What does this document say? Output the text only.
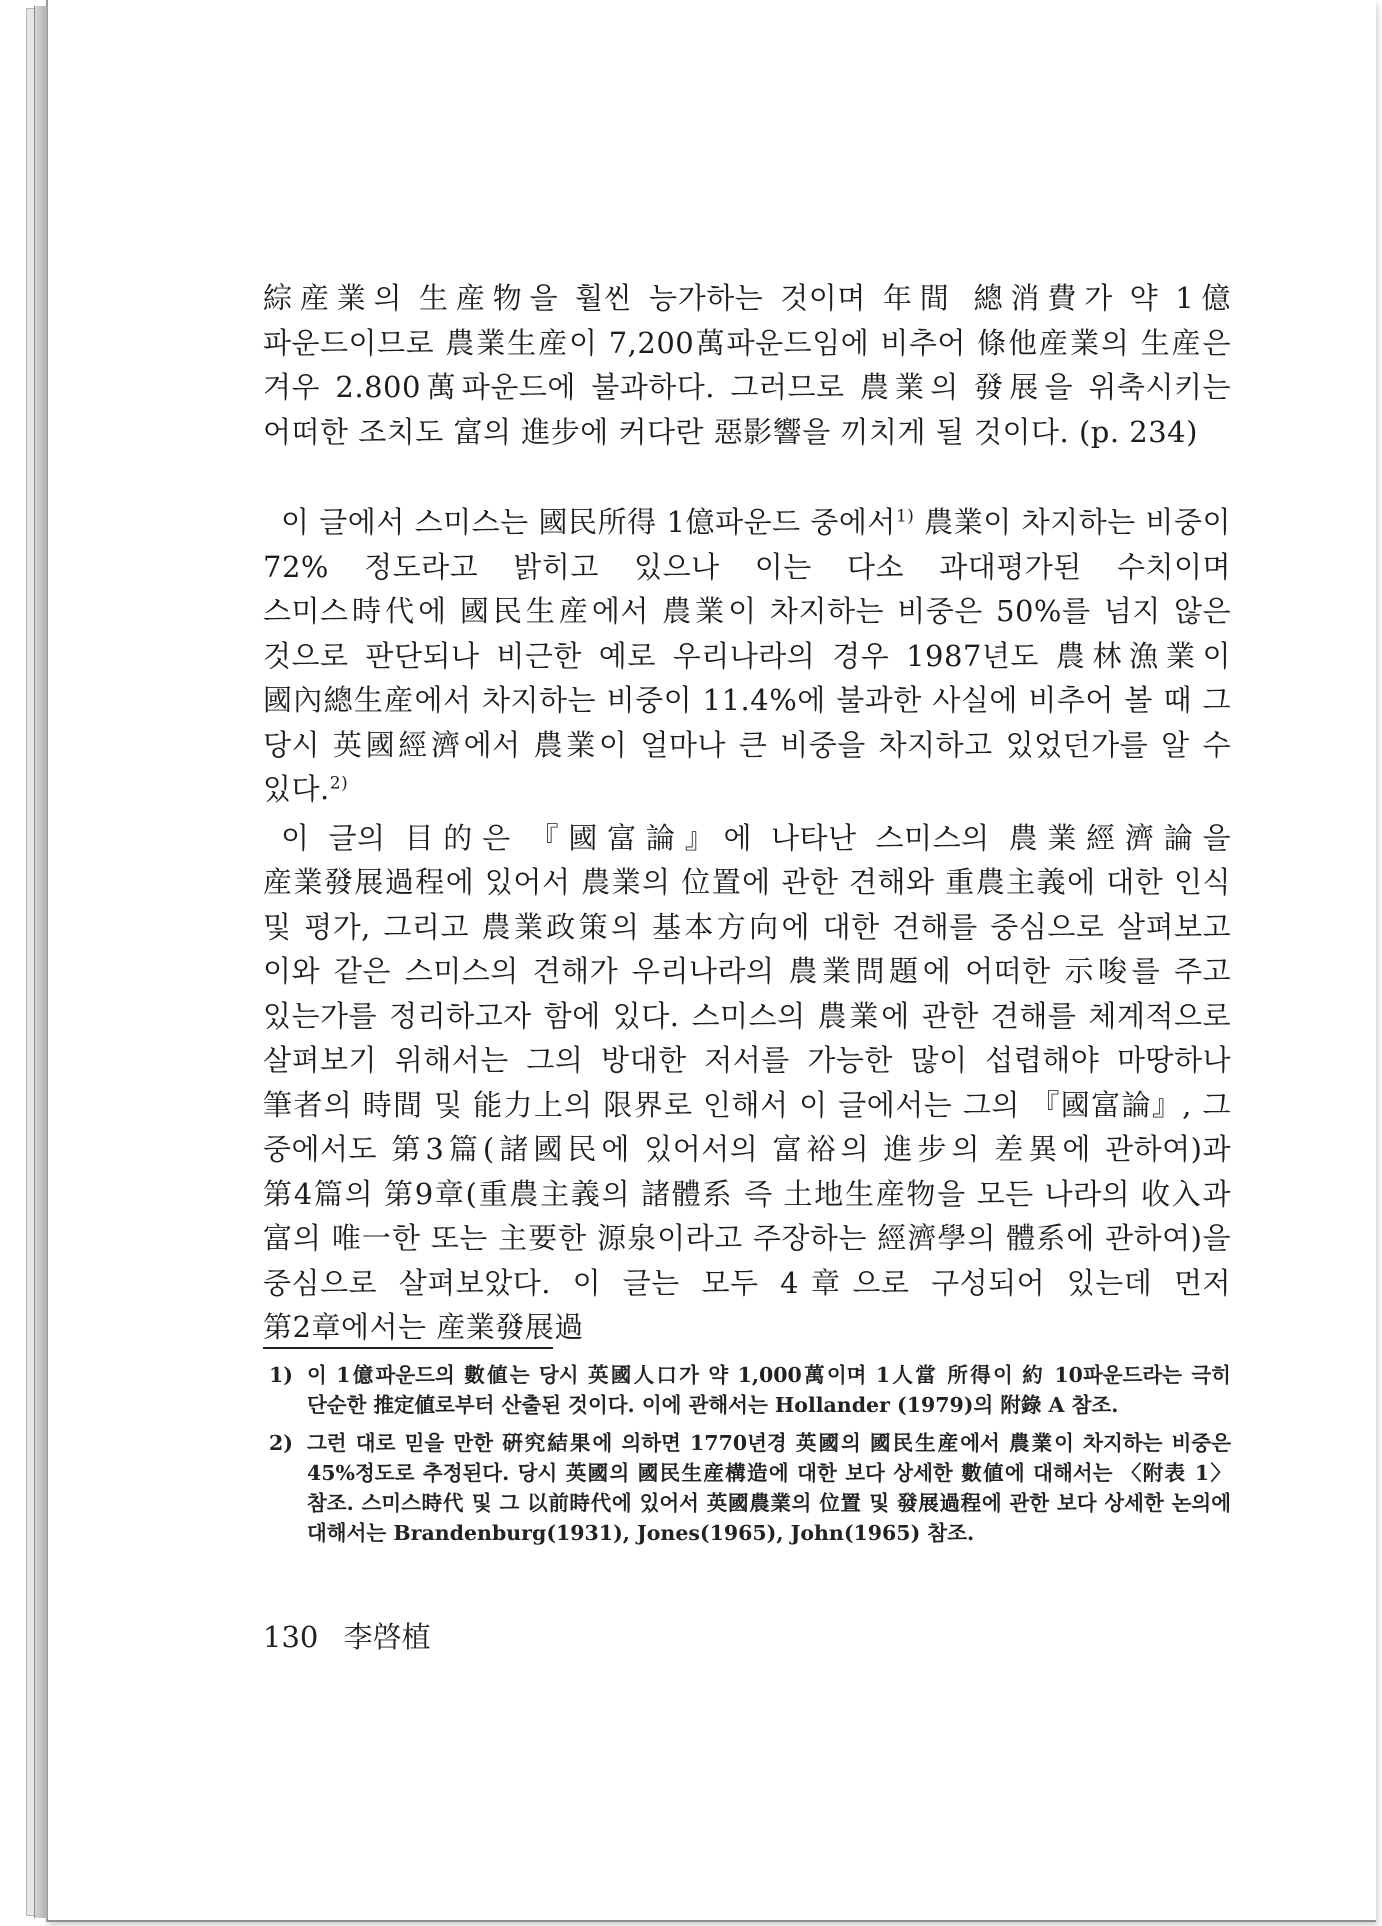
綜産業의 生産物을 훨씬 능가하는 것이며 年間 總消費가 약 1億 파운드이므로 農業生産이 7,200萬파운드임에 비추어 條他産業의 生産은 겨우 2.800萬파운드에 불과하다. 그러므로 農業의 發展을 위축시키는 어떠한 조치도 富의 進步에 커다란 惡影響을 끼치게 될 것이다. (p. 234)

이 글에서 스미스는 國民所得 1億파운드 중에서$^{1)}$ 農業이 차지하는 비중이 72% 정도라고 밝히고 있으나 이는 다소 과대평가된 수치이며 스미스時代에 國民生産에서 農業이 차지하는 비중은 50%를 넘지 않은 것으로 판단되나 비근한 예로 우리나라의 경우 1987년도 農林漁業이 國內總生産에서 차지하는 비중이 11.4%에 불과한 사실에 비추어 볼 때 그 당시 英國經濟에서 農業이 얼마나 큰 비중을 차지하고 있었던가를 알 수 있다.$^{2)}$

이 글의 目的은 『國富論』에 나타난 스미스의 農業經濟論을 産業發展過程에 있어서 農業의 位置에 관한 견해와 重農主義에 대한 인식 및 평가, 그리고 農業政策의 基本方向에 대한 견해를 중심으로 살펴보고 이와 같은 스미스의 견해가 우리나라의 農業問題에 어떠한 示唆를 주고 있는가를 정리하고자 함에 있다. 스미스의 農業에 관한 견해를 체계적으로 살펴보기 위해서는 그의 방대한 저서를 가능한 많이 섭렵해야 마땅하나 筆者의 時間 및 能力上의 限界로 인해서 이 글에서는 그의 『國富論』, 그 중에서도 第3篇(諸國民에 있어서의 富裕의 進步의 差異에 관하여)과 第4篇의 第9章(重農主義의 諸體系 즉 土地生産物을 모든 나라의 收入과 富의 唯一한 또는 主要한 源泉이라고 주장하는 經濟學의 體系에 관하여)을 중심으로 살펴보았다. 이 글는 모두 4章으로 구성되어 있는데 먼저 第2章에서는 産業發展過

1) 이 1億파운드의 數値는 당시 英國人口가 약 1,000萬이며 1人當 所得이 約 10파운드라는 극히 단순한 推定値로부터 산출된 것이다. 이에 관해서는 Hollander (1979)의 附錄 A 참조.
2) 그런 대로 믿을 만한 硏究結果에 의하면 1770년경 英國의 國民生産에서 農業이 차지하는 비중은 45%정도로 추정된다. 당시 英國의 國民生産構造에 대한 보다 상세한 數値에 대해서는 〈附表 1〉 참조. 스미스時代 및 그 以前時代에 있어서 英國農業의 位置 및 發展過程에 관한 보다 상세한 논의에 대해서는 Brandenburg(1931), Jones(1965), John(1965) 참조.
130 李啓植
